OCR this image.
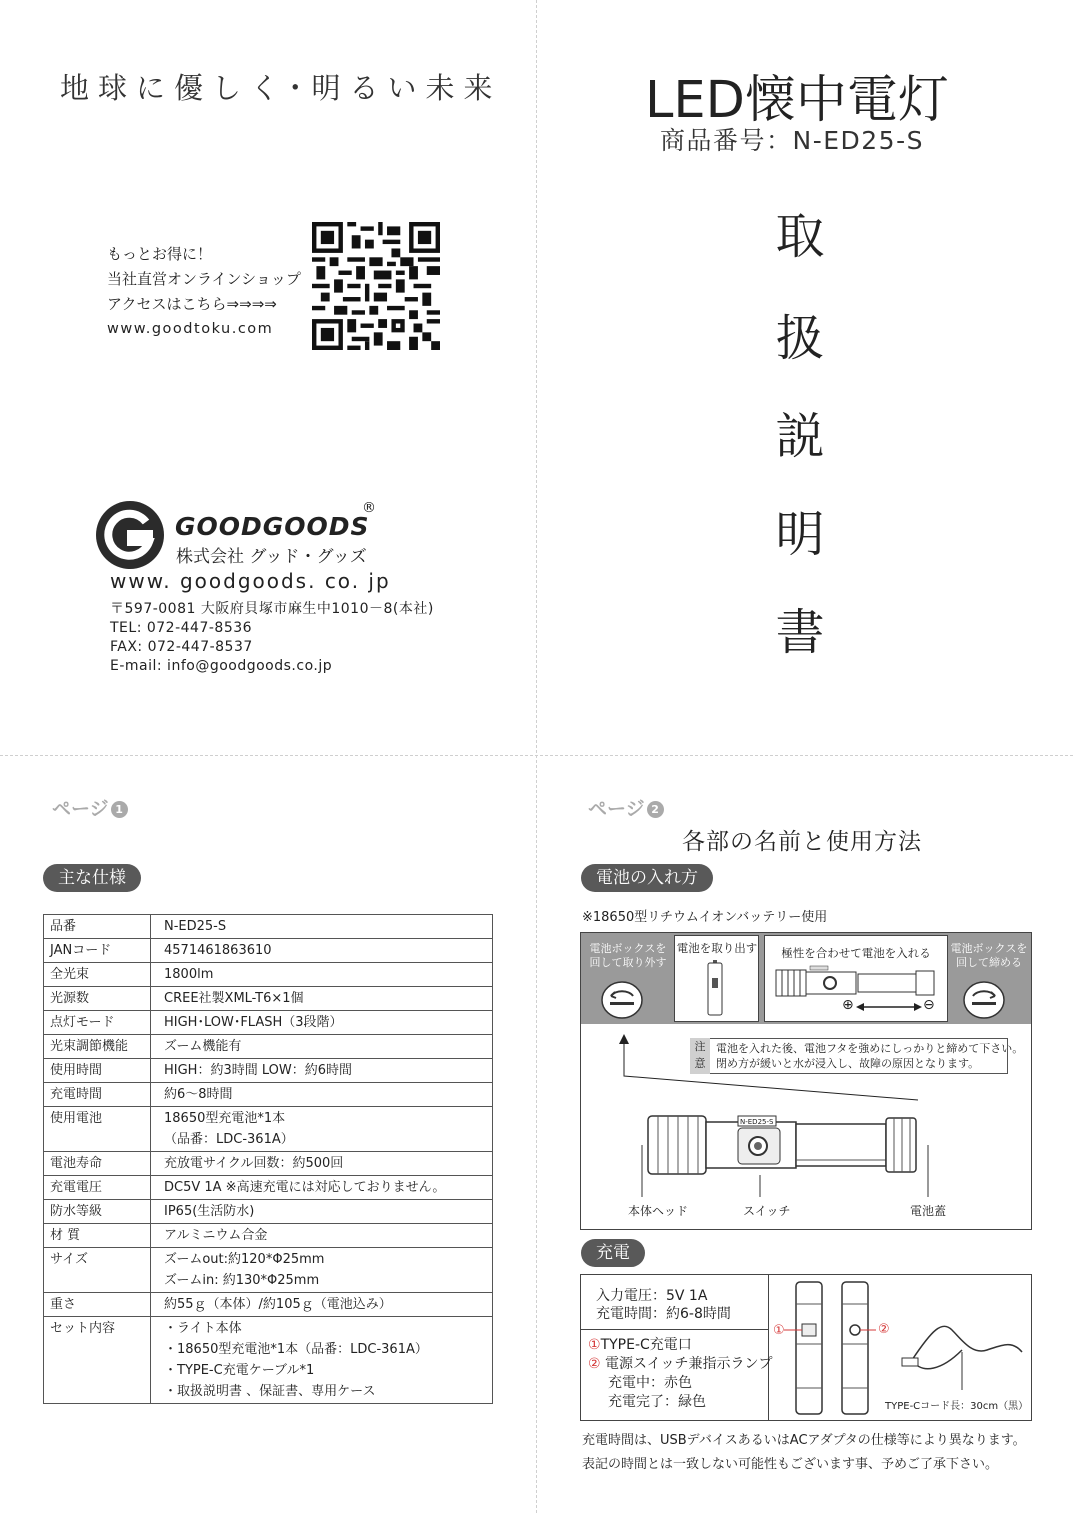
地球に優しく･明るい未来
もっとお得に！
当社直営オンラインショップ
アクセスはこちら⇒⇒⇒⇒
www.goodtoku.com
GOODGOODS
®
株式会社 グッド・グッズ
www. goodgoods. co. jp
〒597-0081 大阪府貝塚市麻生中1010－8(本社)
TEL: 072-447-8536
FAX: 072-447-8537
E-mail: info@goodgoods.co.jp
LED懐中電灯
商品番号：N-ED25-S
取
扱
説
明
書
ページ 1
主な仕様
品番	N-ED25-S

JANコード	4571461863610

全光束	1800lm

光源数	CREE社製XML-T6×1個

点灯モード	HIGH･LOW･FLASH（3段階）

光束調節機能	ズーム機能有

使用時間	HIGH：約3時間 LOW：約6時間

充電時間	約6～8時間

使用電池	18650型充電池*1本
（品番：LDC-361A）

電池寿命	充放電サイクル回数：約500回

充電電圧	DC5V 1A ※高速充電には対応しておりません。

防水等級	IP65(生活防水)

材 質	アルミニウム合金

サイズ	ズームout:約120*Φ25mm
ズームin: 約130*Φ25mm

重さ	約55ｇ（本体）/約105ｇ（電池込み）

セット内容	・ライト本体
・18650型充電池*1本（品番：LDC-361A）
・TYPE-C充電ケーブル*1
・取扱説明書 、保証書、専用ケース
ページ 2
各部の名前と使用方法
電池の入れ方
※18650型リチウムイオンバッテリー使用
電池ボックスを回して取り外す
電池を取り出す	極性を合わせて電池を入れる
⊕	⊖
電池ボックスを回して締める
注意
電池を入れた後、電池フタを強めにしっかりと締めて下さい。
閉め方が緩いと水が浸入し、故障の原因となります。
N-ED25-S
本体ヘッド	スイッチ	電池蓋
充電
入力電圧：5V 1A
充電時間：約6-8時間
①TYPE-C充電口
② 電源スイッチ兼指示ランプ
充電中：赤色
充電完了：緑色
①	②
TYPE-Cコード長：30cm（黒）
充電時間は、USBデバイスあるいはACアダプタの仕様等により異なります。
表記の時間とは一致しない可能性もございます事、予めご了承下さい。
